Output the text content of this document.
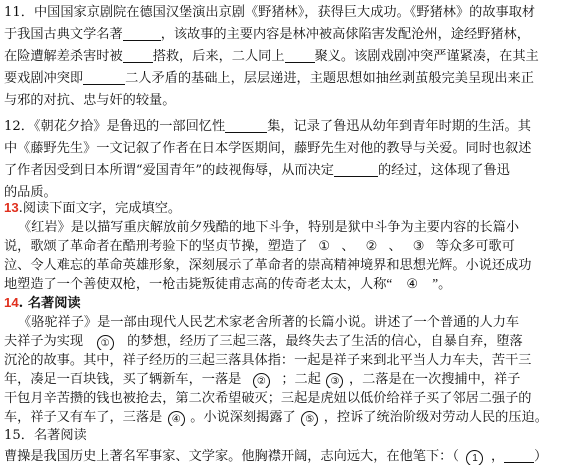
11．中国国家京剧院在德国汉堡演出京剧《野猪林》，获得巨大成功。《野猪林》的故事取材
于我国古典文学名著	，该故事的主要内容是林冲被高俅陷害发配沧州，途经野猪林，
在险遭解差杀害时被 搭救，后来，二人同上 聚义。该剧戏剧冲突严谨紧凑，在其主
要戏剧冲突即	二人矛盾的基础上，层层递进，主题思想如抽丝剥茧般完美呈现出来正
与邪的对抗、忠与奸的较量。
12．《朝花夕拾》是鲁迅的一部回忆性	集，记录了鲁迅从幼年到青年时期的生活。其
中《藤野先生》一文记叙了作者在日本学医期间，藤野先生对他的教导与关爱。同时也叙述
了作者因受到日本所谓“爱国青年”的歧视侮辱，从而决定	的经过，这体现了鲁迅
的品质。
13.阅读下面文字，完成填空。
《红岩》是以描写重庆解放前夕残酷的地下斗争，特别是狱中斗争为主要内容的长篇小
说，歌颂了革命者在酷刑考验下的坚贞节操，塑造了 ① 、 ② 、 ③ 等众多可歌可
泣、令人难忘的革命英雄形象，深刻展示了革命者的崇高精神境界和思想光辉。小说还成功
地塑造了一个善使双枪，一枪击毙叛徒甫志高的传奇老太太，人称“ ④ ”。
14. 名著阅读
《骆驼祥子》是一部由现代人民艺术家老舍所著的长篇小说。讲述了一个普通的人力车
夫祥子为实现 ① 的梦想，经历了三起三落，最终失去了生活的信心，自暴自弃，堕落
沉沦的故事。其中，祥子经历的三起三落具体指：一起是祥子来到北平当人力车夫，苦干三
年，凑足一百块钱，买了辆新车，一落是 ② ；二起 ③ ，二落是在一次搜捕中，祥子
干包月辛苦攒的钱也被抢去，第二次希望破灭；三起是虎妞以低价给祥子买了邻居二强子的
车，祥子又有车了，三落是 ④ 。小说深刻揭露了 ⑤ ，控诉了统治阶级对劳动人民的压迫。
15．名著阅读
曹操是我国历史上著名军事家、文学家。他胸襟开阔，志向远大，在他笔下：（ 1 ， ）
